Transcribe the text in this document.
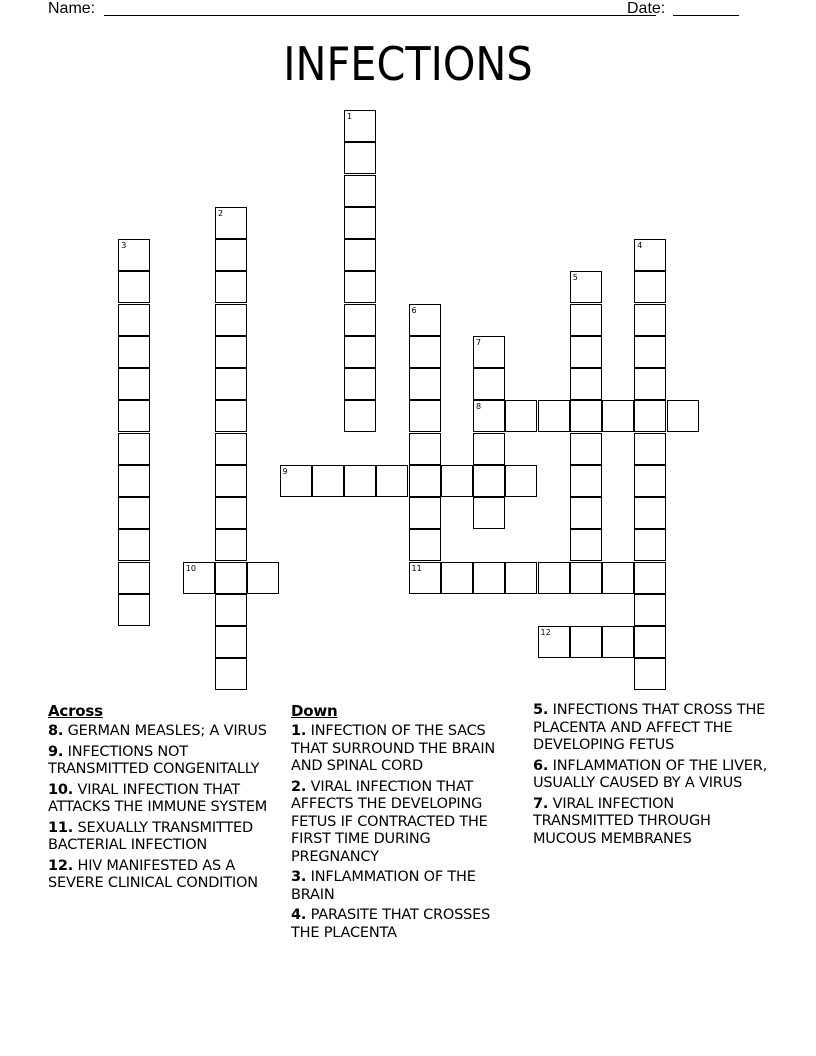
Name:	Date:
INFECTIONS
1
2
3	4
5
6
11
7
8
9
10
12
Across
8. GERMAN MEASLES; A VIRUS
9. INFECTIONS NOT TRANSMITTED CONGENITALLY
10. VIRAL INFECTION THAT ATTACKS THE IMMUNE SYSTEM
11. SEXUALLY TRANSMITTED BACTERIAL INFECTION
12. HIV MANIFESTED AS A SEVERE CLINICAL CONDITION
Down
1. INFECTION OF THE SACS THAT SURROUND THE BRAIN AND SPINAL CORD
2. VIRAL INFECTION THAT AFFECTS THE DEVELOPING FETUS IF CONTRACTED THE FIRST TIME DURING PREGNANCY
3. INFLAMMATION OF THE BRAIN
4. PARASITE THAT CROSSES THE PLACENTA
5. INFECTIONS THAT CROSS THE PLACENTA AND AFFECT THE DEVELOPING FETUS
6. INFLAMMATION OF THE LIVER, USUALLY CAUSED BY A VIRUS
7. VIRAL INFECTION TRANSMITTED THROUGH MUCOUS MEMBRANES
